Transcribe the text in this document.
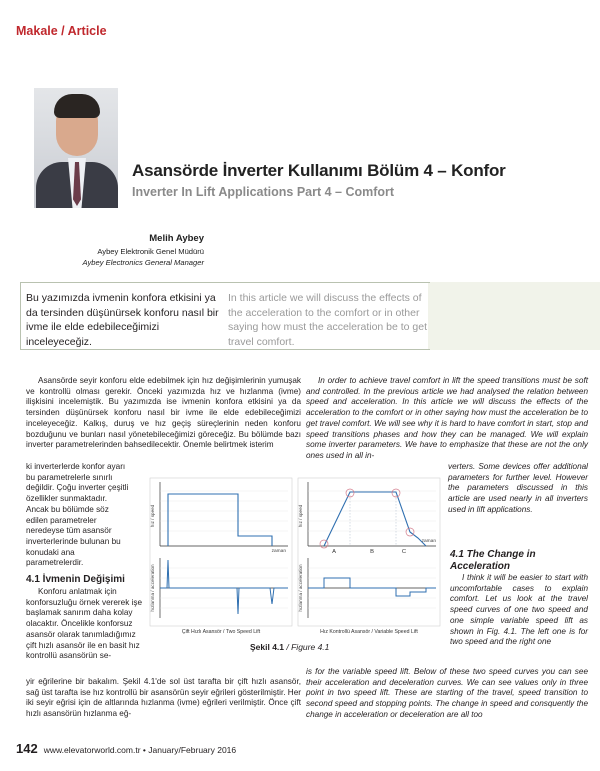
Makale / Article
Asansörde İnverter Kullanımı Bölüm 4 – Konfor
Inverter In Lift Applications Part 4 – Comfort
Melih Aybey
Aybey Elektronik Genel Müdürü
Aybey Electronics General Manager
Bu yazımızda ivmenin konfora etkisini ya da tersinden düşünürsek konforu nasıl bir ivme ile elde edebileceğimizi inceleyeceğiz.
In this article we will discuss the effects of the acceleration to the comfort or in other saying how must the acceleration be to get travel comfort.

Asansörde seyir konforu elde edebilmek için hız değişimlerinin yumuşak ve kontrollü olması gerekir. Önceki yazımızda hız ve hızlanma (ivme) ilişkisini incelemiştik. Bu yazımızda ise ivmenin konfora etkisini ya da tersinden düşünürsek konforu nasıl bir ivme ile elde edebileceğimizi inceleyeceğiz. Kalkış, duruş ve hız geçiş süreçlerinin neden konforu bozduğunu ve bunları nasıl yönetebileceğimizi göreceğiz. Bu bölümde bazı inverter parametrelerinden bahsedilecektir. Önemle belirtmek isterim

ki inverterlerde konfor ayarı bu parametrelerle sınırlı değildir. Çoğu inverter çeşitli özellikler sunmaktadır. Ancak bu bölümde söz edilen parametreler neredeyse tüm asansör inverterlerinde bulunan bu konudaki ana parametrelerdir.

4.1 İvmenin Değişimi

Konforu anlatmak için konforsuzluğu örnek vererek işe başlamak sanırım daha kolay olacaktır. Öncelikle konforsuz asansör olarak tanımladığımız çift hızlı asansör ile en basit hız kontrollü asansörün se-

yir eğrilerine bir bakalım. Şekil 4.1'de sol üst tarafta bir çift hızlı asansör, sağ üst tarafta ise hız kontrollü bir asansörün seyir eğrileri gösterilmiştir. Her iki seyir eğrisi için de altlarında hızlanma (ivme) eğrileri verilmiştir. Önce çift hızlı asansörün hızlanma eğ-

In order to achieve travel comfort in lift the speed transitions must be soft and controlled. In the previous article we had analysed the relation between speed and acceleration. In this article we will discuss the effects of the acceleration to the comfort or in other saying how must the acceleration be to get travel comfort. We will see why it is hard to have comfort in start, stop and speed transitions phases and how they can be managed. We will explain some inverter parameters. We have to emphasize that these are not the only ones used in all in-

verters. Some devices offer additional parameters for further level. However the parameters discussed in this article are used nearly in all inverters used in lift applications.

4.1 The Change in Acceleration

I think it will be easier to start with uncomfortable cases to explain comfort. Let us look at the travel speed curves of one two speed and one simple variable speed lift as shown in Fig. 4.1. The left one is for two speed and the right one

is for the variable speed lift. Below of these two speed curves you can see their acceleration and deceleration curves. We can see values only in three point in two speed lift. These are starting of the travel, speed transition to second speed and stopping points. The change in speed and consquently the change in acceleration or deceleration are all too

hız / speed
zaman
hızlanma / acceleration
Çift Hızlı Asansör / Two Speed Lift
A	B	C
hız / speed
zaman
hızlanma / acceleration
Hız Kontrollü Asansör / Variable Speed Lift
Şekil 4.1 / Figure 4.1
142 www.elevatorworld.com.tr • January/February 2016
